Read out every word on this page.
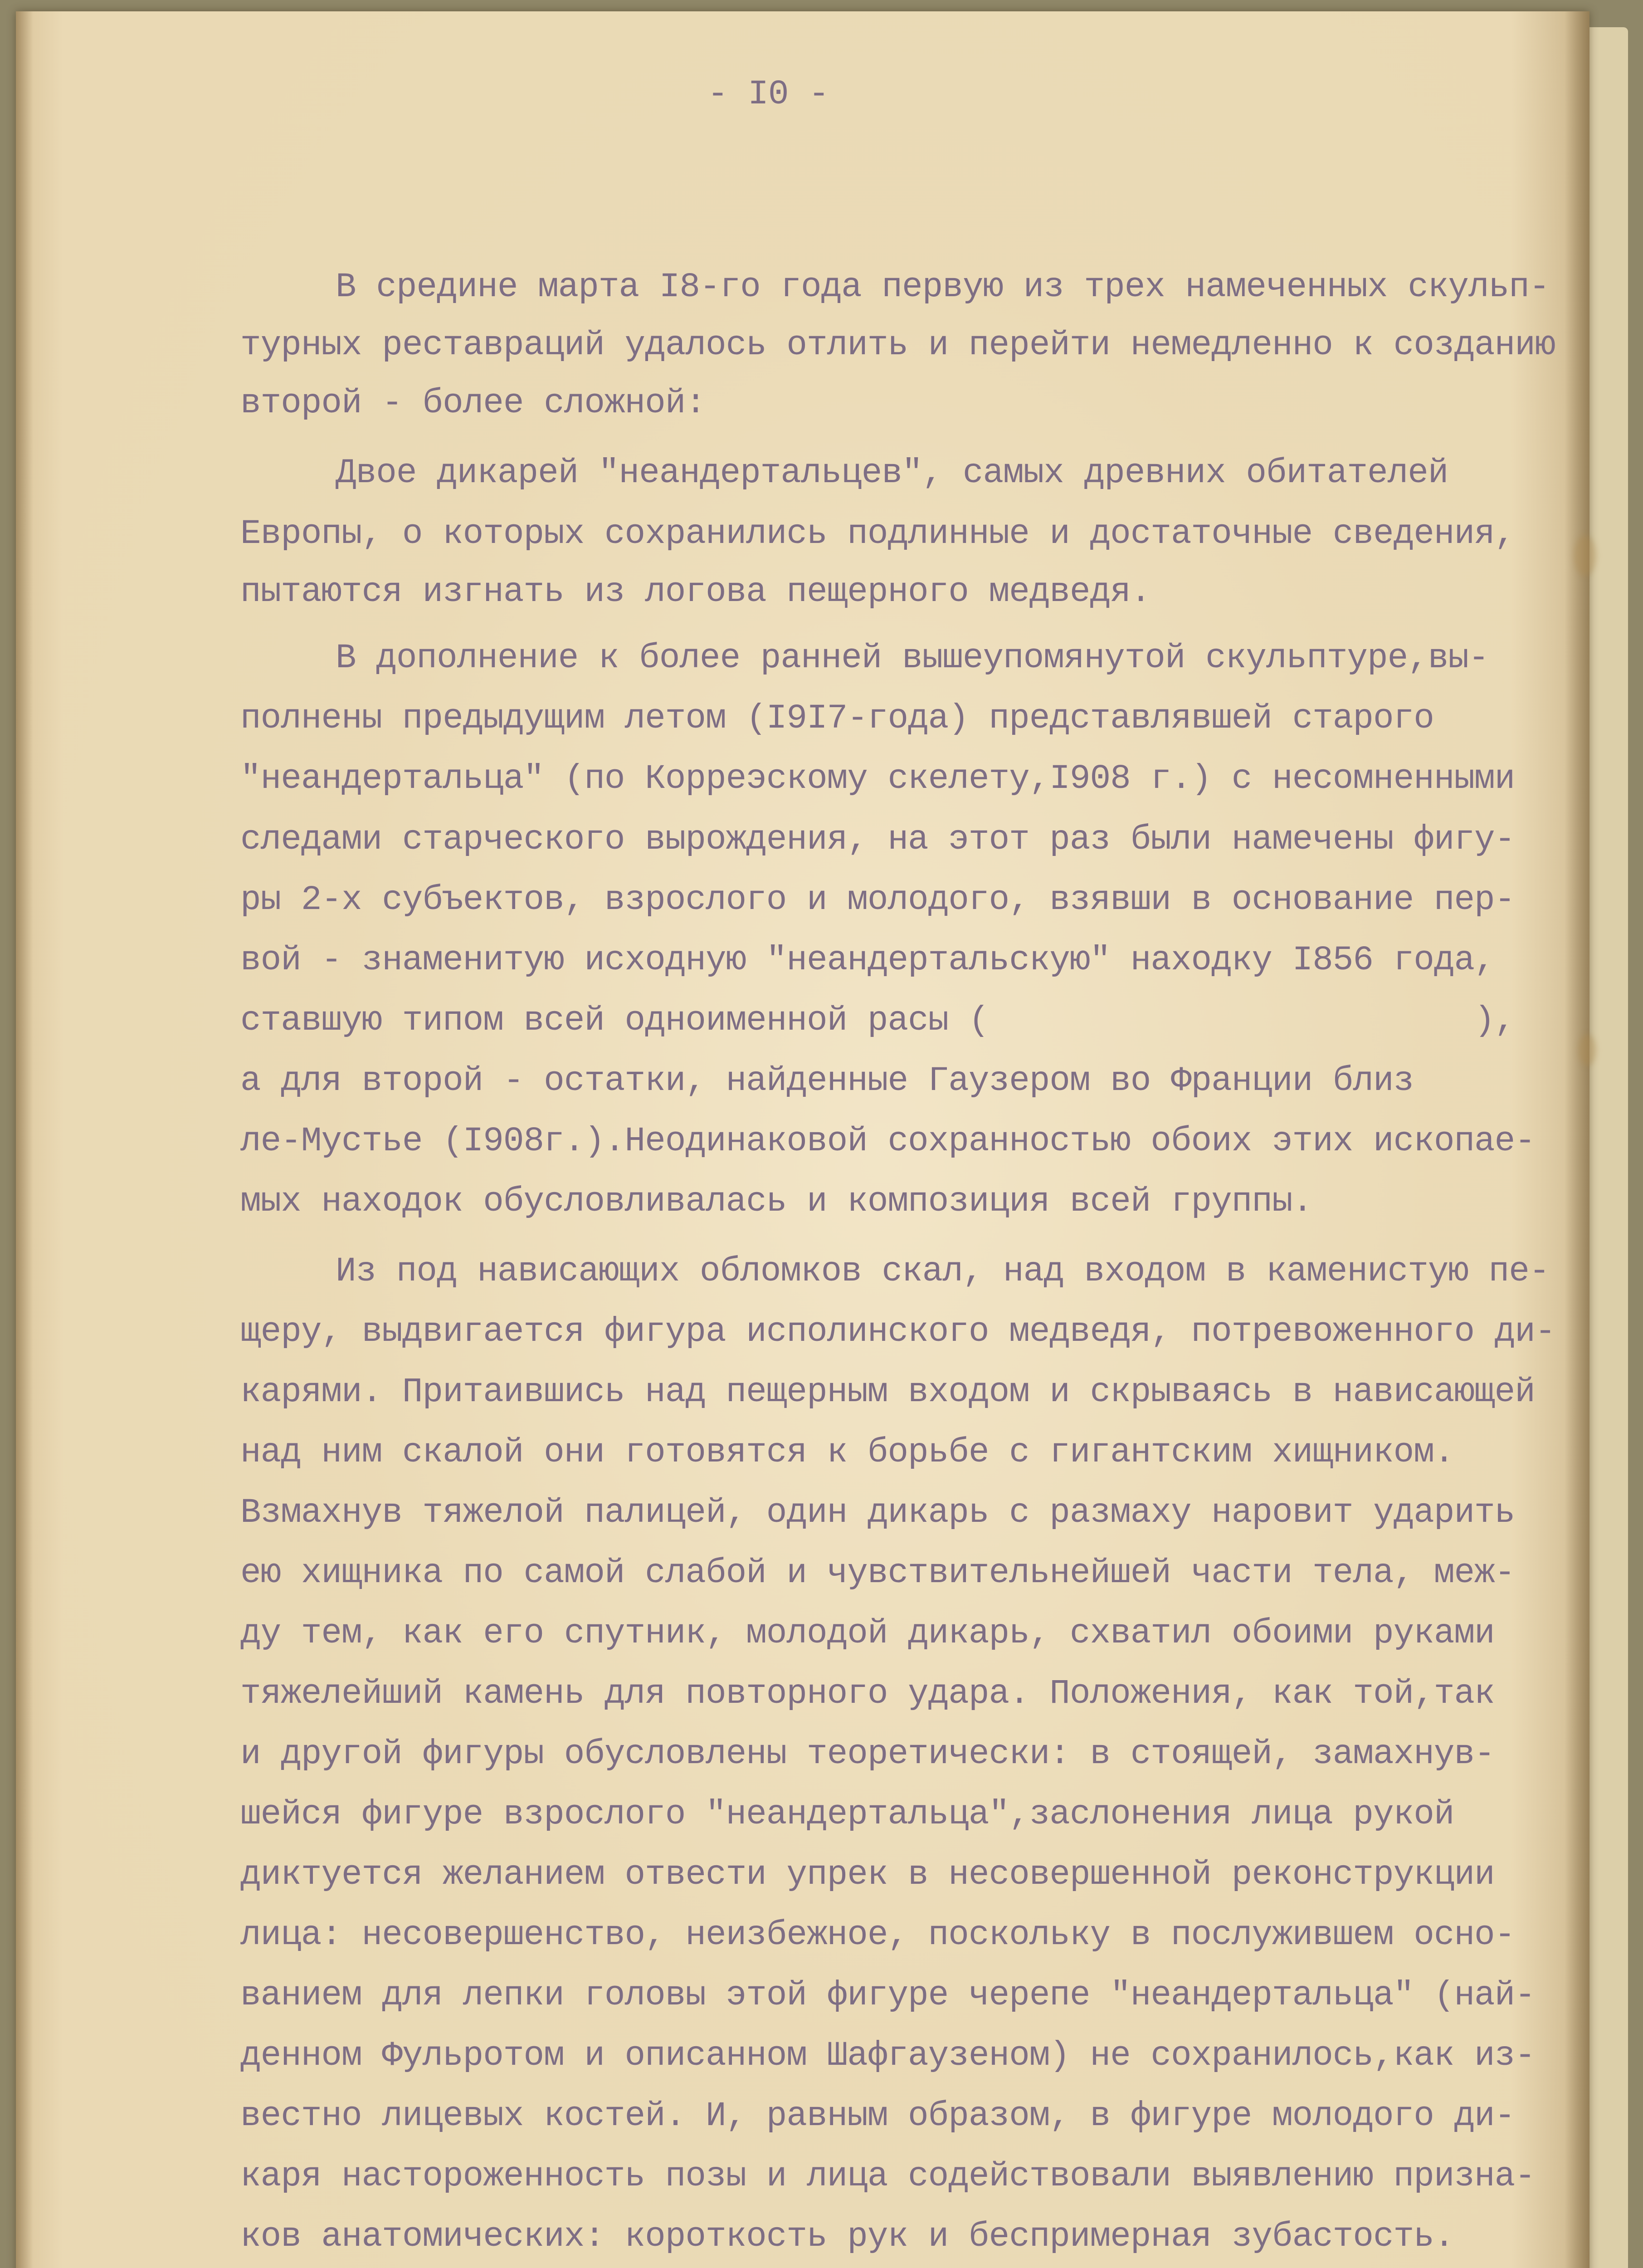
- I0 -

В средине марта I8-го года первую из трех намеченных скульп-

турных реставраций удалось отлить и перейти немедленно к созданию

второй - более сложной:

Двое дикарей "неандертальцев", самых древних обитателей

Европы, о которых сохранились подлинные и достаточные сведения,

пытаются изгнать из логова пещерного медведя.

В дополнение к более ранней вышеупомянутой скульптуре,вы-

полнены предыдущим летом (I9I7-года) представлявшей старого

"неандертальца" (по Корреэскому скелету,I908 г.) с несомненными

следами старческого вырождения, на этот раз были намечены фигу-

ры 2-х субъектов, взрослого и молодого, взявши в основание пер-

вой - знаменитую исходную "неандертальскую" находку I856 года,

ставшую типом всей одноименной расы (                        ),

а для второй - остатки, найденные Гаузером во Франции близ

ле-Мустье (I908г.).Неодинаковой сохранностью обоих этих ископае-

мых находок обусловливалась и композиция всей группы.

Из под нависающих обломков скал, над входом в каменистую пе-

щеру, выдвигается фигура исполинского медведя, потревоженного ди-

карями. Притаившись над пещерным входом и скрываясь в нависающей

над ним скалой они готовятся к борьбе с гигантским хищником.

Взмахнув тяжелой палицей, один дикарь с размаху наровит ударить

ею хищника по самой слабой и чувствительнейшей части тела, меж-

ду тем, как его спутник, молодой дикарь, схватил обоими руками

тяжелейший камень для повторного удара. Положения, как той,так

и другой фигуры обусловлены теоретически: в стоящей, замахнув-

шейся фигуре взрослого "неандертальца",заслонения лица рукой

диктуется желанием отвести упрек в несовершенной реконструкции

лица: несовершенство, неизбежное, поскольку в послужившем осно-

ванием для лепки головы этой фигуре черепе "неандертальца" (най-

денном Фульротом и описанном Шафгаузеном) не сохранилось,как из-

вестно лицевых костей. И, равным образом, в фигуре молодого ди-

каря настороженность позы и лица содействовали выявлению призна-

ков анатомических: короткость рук и беспримерная зубастость.
